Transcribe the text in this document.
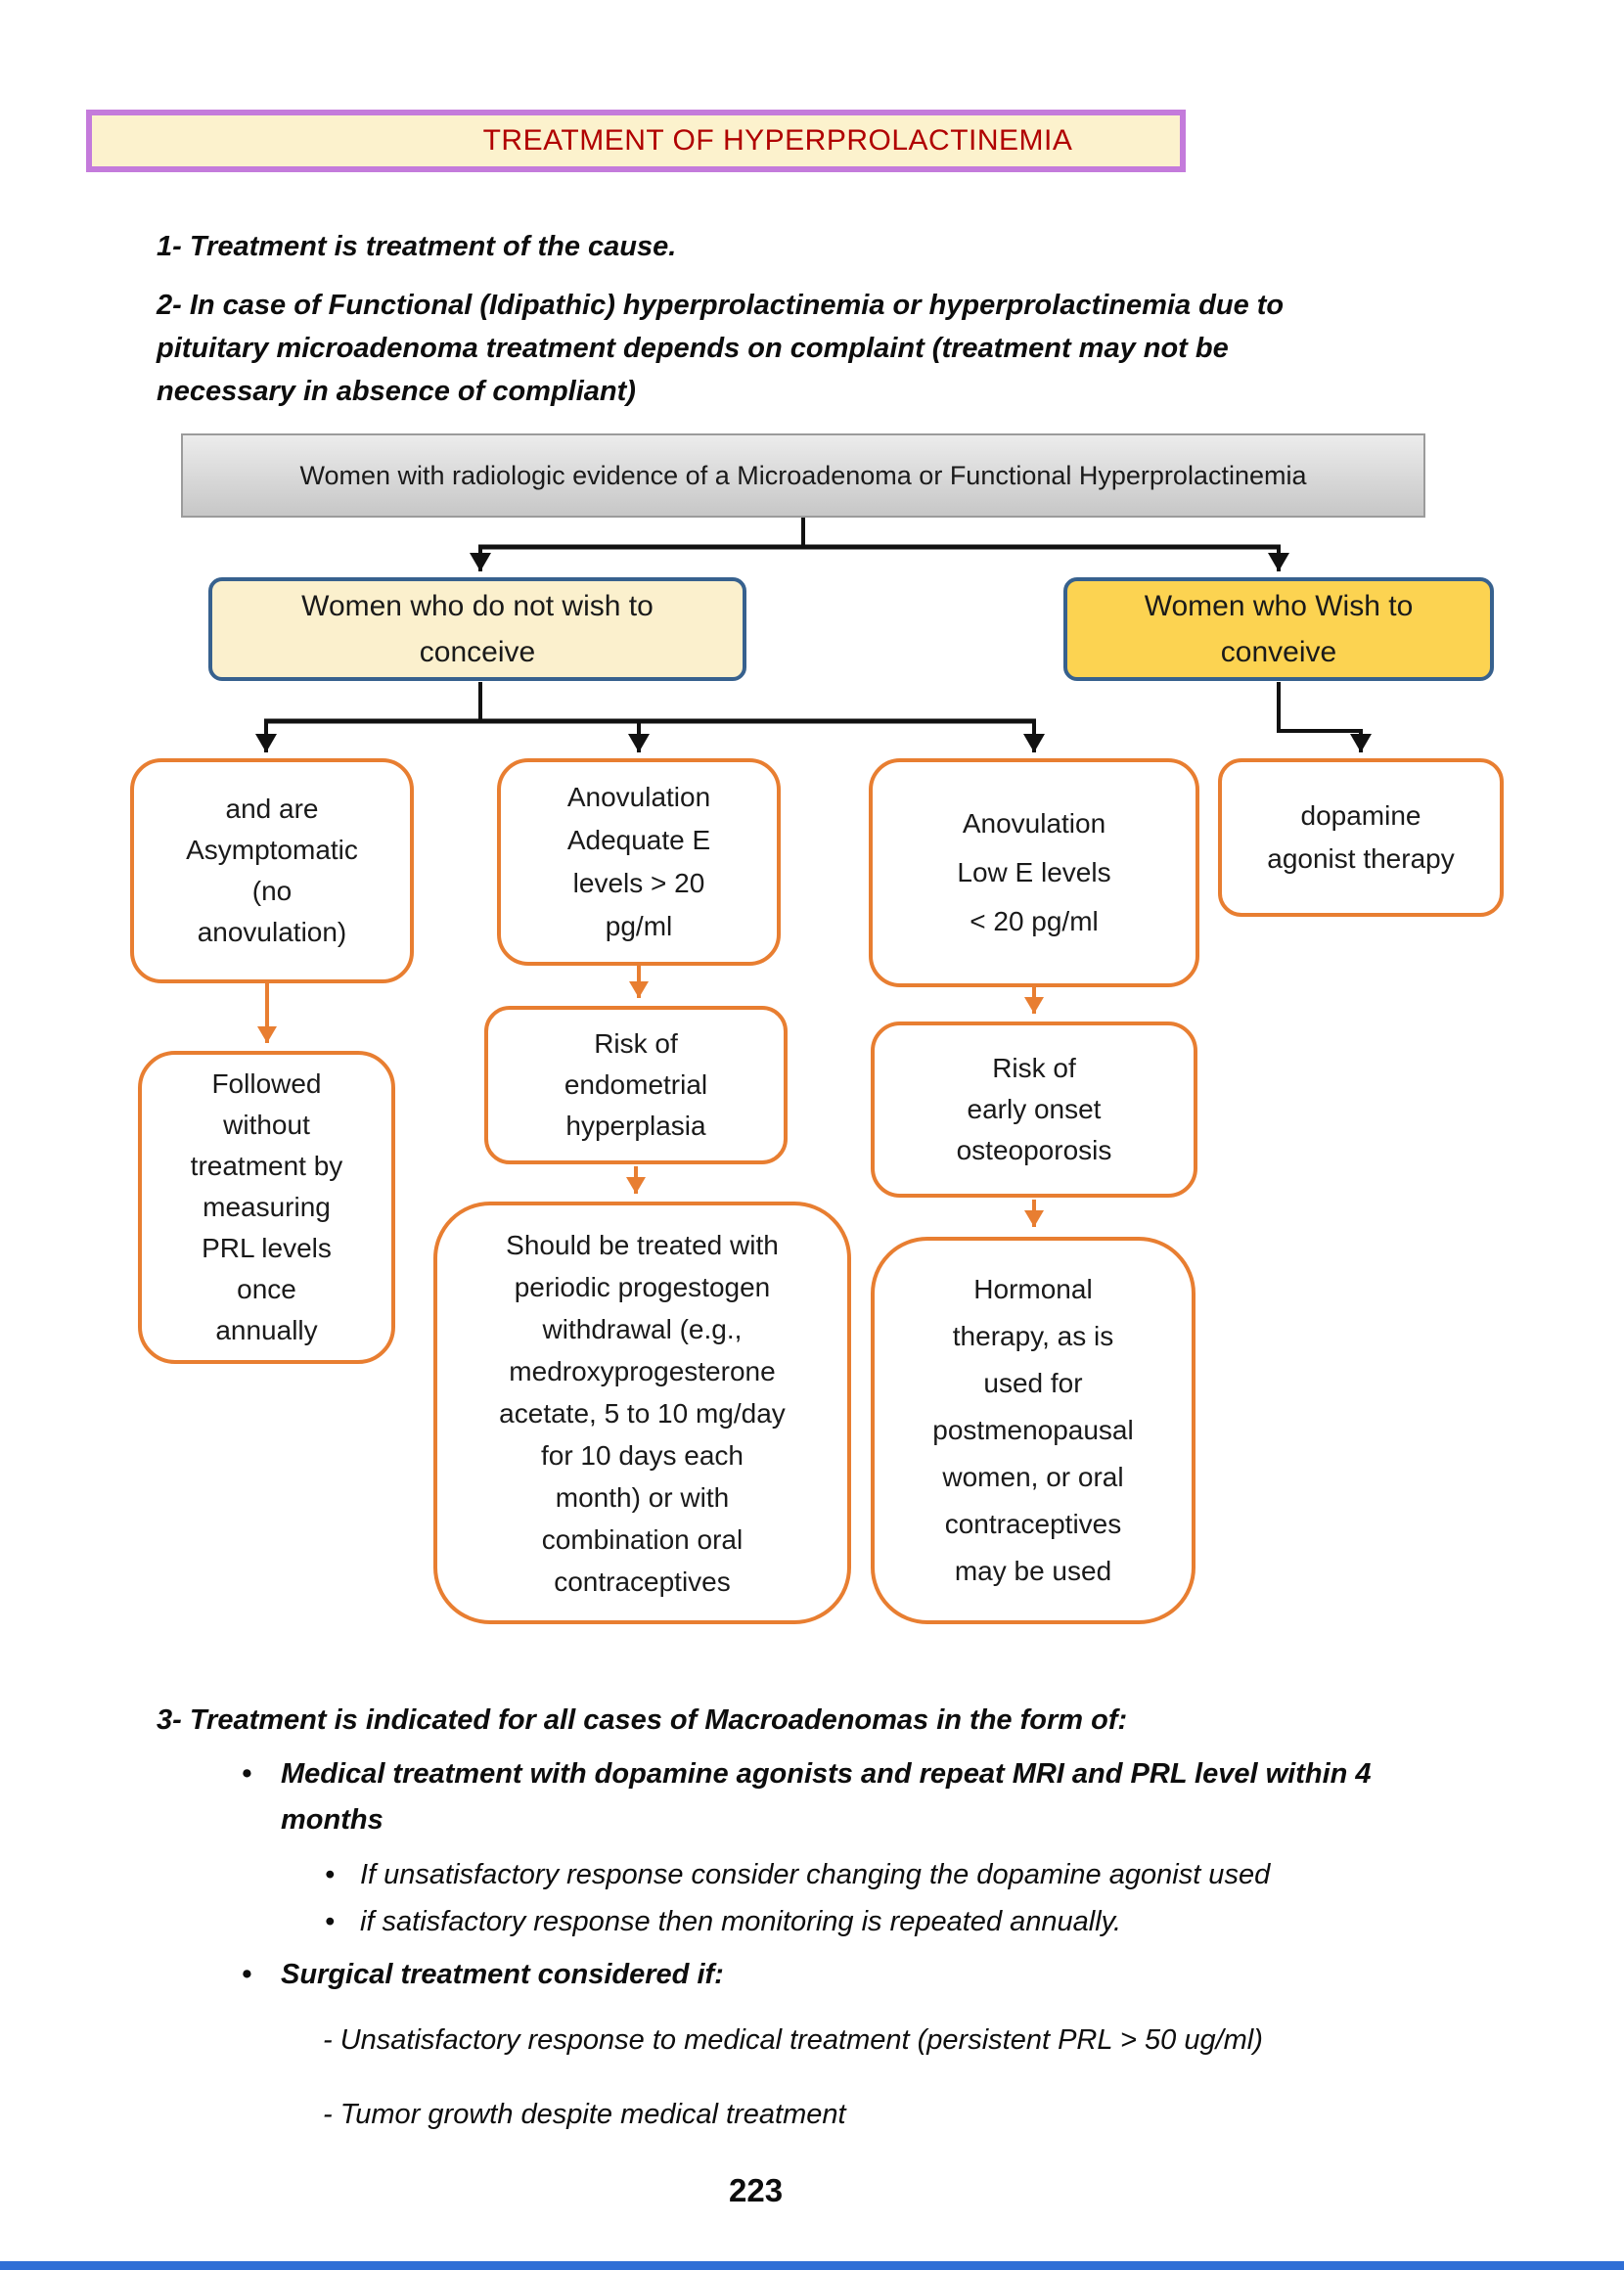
TREATMENT OF HYPERPROLACTINEMIA
1- Treatment is treatment of the cause.
2- In case of Functional (Idipathic) hyperprolactinemia or hyperprolactinemia due to
pituitary microadenoma treatment depends on complaint (treatment may not be
necessary in absence of compliant)
Women with radiologic evidence of a Microadenoma or Functional Hyperprolactinemia
Women who do not wish to
conceive
Women who Wish to
conveive
and are
Asymptomatic
(no
anovulation)
Anovulation
Adequate E
levels > 20
pg/ml
Anovulation
Low E levels
< 20 pg/ml
dopamine
agonist therapy
Followed
without
treatment by
measuring
PRL levels
once
annually
Risk of
endometrial
hyperplasia
Should be treated with
periodic progestogen
withdrawal (e.g.,
medroxyprogesterone
acetate, 5 to 10 mg/day
for 10 days each
month) or with
combination oral
contraceptives
Risk of
early onset
osteoporosis
Hormonal
therapy, as is
used for
postmenopausal
women, or oral
contraceptives
may be used
3- Treatment is indicated for all cases of Macroadenomas in the form of:
• Medical treatment with dopamine agonists and repeat MRI and PRL level within 4
months
• If unsatisfactory response consider changing the dopamine agonist used
• if satisfactory response then monitoring is repeated annually.
• Surgical treatment considered if:
- Unsatisfactory response to medical treatment (persistent PRL > 50 ug/ml)
- Tumor growth despite medical treatment
223
